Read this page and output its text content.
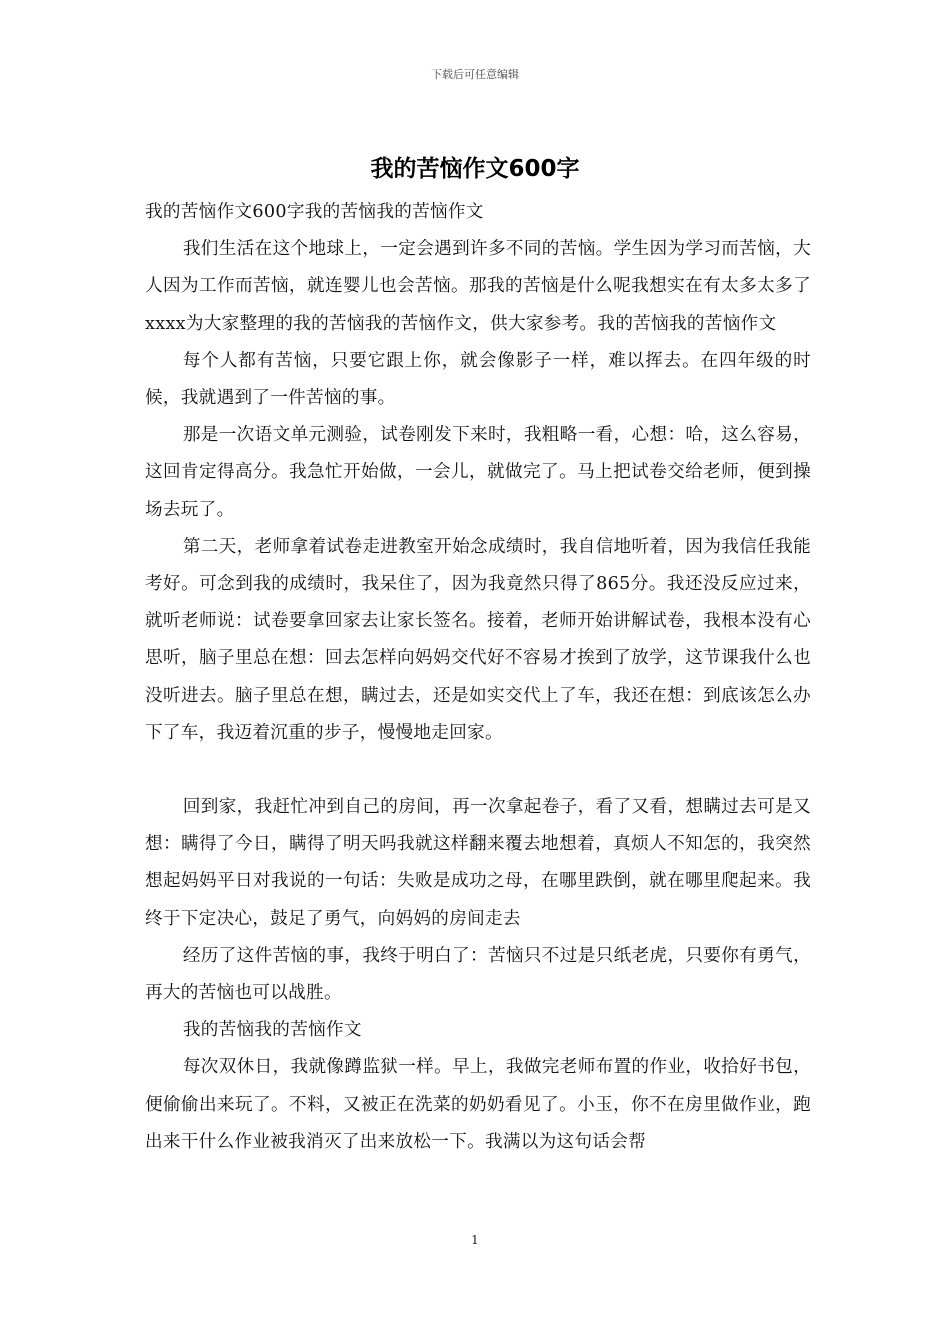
下载后可任意编辑
我的苦恼作文600字

我的苦恼作文600字我的苦恼我的苦恼作文

我们生活在这个地球上，一定会遇到许多不同的苦恼。学生因为学习而苦恼，大人因为工作而苦恼，就连婴儿也会苦恼。那我的苦恼是什么呢我想实在有太多太多了xxxx为大家整理的我的苦恼我的苦恼作文，供大家参考。我的苦恼我的苦恼作文

每个人都有苦恼，只要它跟上你，就会像影子一样，难以挥去。在四年级的时候，我就遇到了一件苦恼的事。

那是一次语文单元测验，试卷刚发下来时，我粗略一看，心想：哈，这么容易，这回肯定得高分。我急忙开始做，一会儿，就做完了。马上把试卷交给老师，便到操场去玩了。

第二天，老师拿着试卷走进教室开始念成绩时，我自信地听着，因为我信任我能考好。可念到我的成绩时，我呆住了，因为我竟然只得了865分。我还没反应过来，就听老师说：试卷要拿回家去让家长签名。接着，老师开始讲解试卷，我根本没有心思听，脑子里总在想：回去怎样向妈妈交代好不容易才挨到了放学，这节课我什么也没听进去。脑子里总在想，瞒过去，还是如实交代上了车，我还在想：到底该怎么办下了车，我迈着沉重的步子，慢慢地走回家。

回到家，我赶忙冲到自己的房间，再一次拿起卷子，看了又看，想瞒过去可是又想：瞒得了今日，瞒得了明天吗我就这样翻来覆去地想着，真烦人不知怎的，我突然想起妈妈平日对我说的一句话：失败是成功之母，在哪里跌倒，就在哪里爬起来。我终于下定决心，鼓足了勇气，向妈妈的房间走去

经历了这件苦恼的事，我终于明白了：苦恼只不过是只纸老虎，只要你有勇气，再大的苦恼也可以战胜。

我的苦恼我的苦恼作文

每次双休日，我就像蹲监狱一样。早上，我做完老师布置的作业，收拾好书包，便偷偷出来玩了。不料，又被正在洗菜的奶奶看见了。小玉，你不在房里做作业，跑出来干什么作业被我消灭了出来放松一下。我满以为这句话会帮

1
